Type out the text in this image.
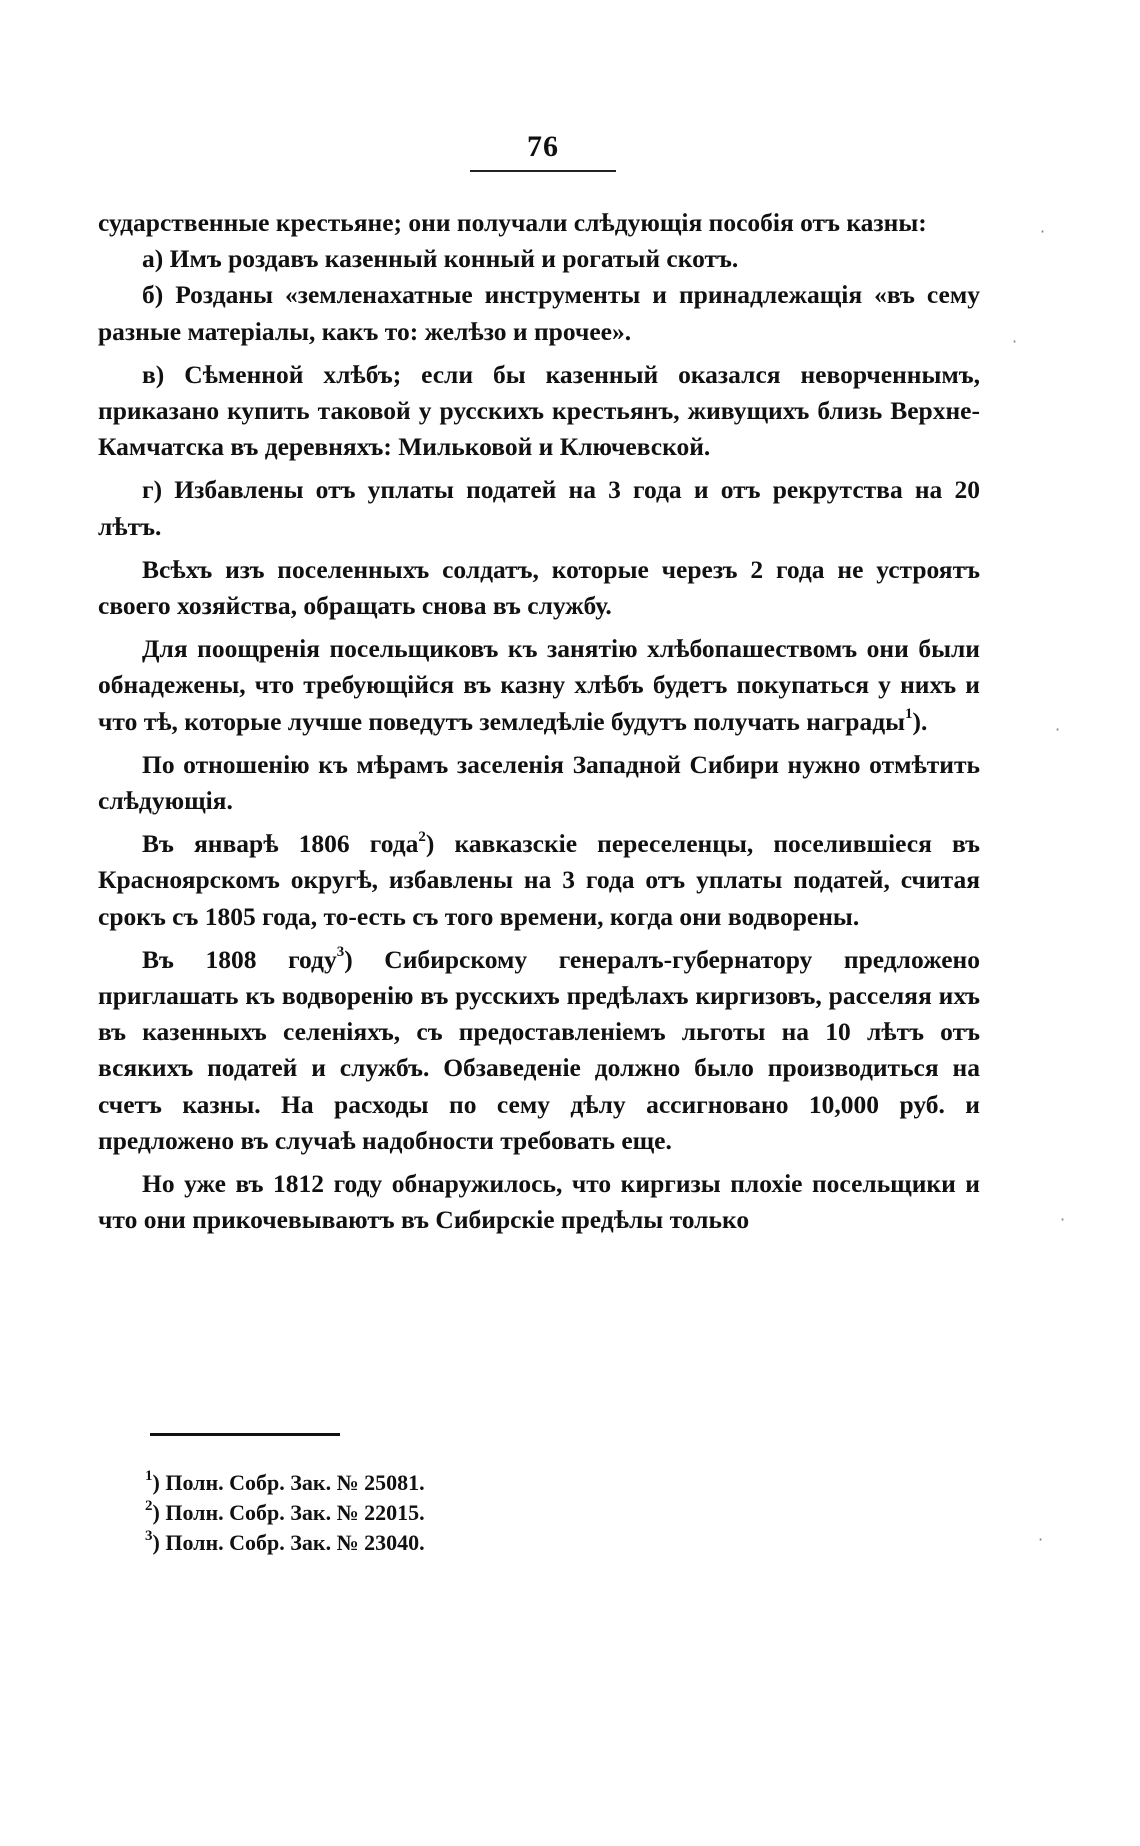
76

сударственные крестьяне; они получали слѣдующія пособія отъ казны:

а) Имъ роздавъ казенный конный и рогатый скотъ.

б) Розданы «земленахатные инструменты и принадлежащія «въ сему разные матеріалы, какъ то: желѣзо и прочее».

в) Сѣменной хлѣбъ; если бы казенный оказался неворченнымъ, приказано купить таковой у русскихъ крестьянъ, живущихъ близь Верхне-Камчатска въ деревняхъ: Мильковой и Ключевской.

г) Избавлены отъ уплаты податей на 3 года и отъ рекрутства на 20 лѣтъ.

Всѣхъ изъ поселенныхъ солдатъ, которые черезъ 2 года не устроятъ своего хозяйства, обращать снова въ службу.

Для поощренія посельщиковъ къ занятію хлѣбопашествомъ они были обнадежены, что требующійся въ казну хлѣбъ будетъ покупаться у нихъ и что тѣ, которые лучше поведутъ земледѣліе будутъ получать награды$^1$).

По отношенію къ мѣрамъ заселенія Западной Сибири нужно отмѣтить слѣдующія.

Въ январѣ 1806 года$^2$) кавказскіе переселенцы, поселившіеся въ Красноярскомъ округѣ, избавлены на 3 года отъ уплаты податей, считая срокъ съ 1805 года, то-есть съ того времени, когда они водворены.

Въ 1808 году$^3$) Сибирскому генералъ-губернатору предложено приглашать къ водворенію въ русскихъ предѣлахъ киргизовъ, расселяя ихъ въ казенныхъ селеніяхъ, съ предоставленіемъ льготы на 10 лѣтъ отъ всякихъ податей и службъ. Обзаведеніе должно было производиться на счетъ казны. На расходы по сему дѣлу ассигновано 10,000 руб. и предложено въ случаѣ надобности требовать еще.

Но уже въ 1812 году обнаружилось, что киргизы плохіе посельщики и что они прикочевываютъ въ Сибирскіе предѣлы только

$^1$) Полн. Собр. Зак. № 25081.
$^2$) Полн. Собр. Зак. № 22015.
$^3$) Полн. Собр. Зак. № 23040.
·
·
·
·
·
